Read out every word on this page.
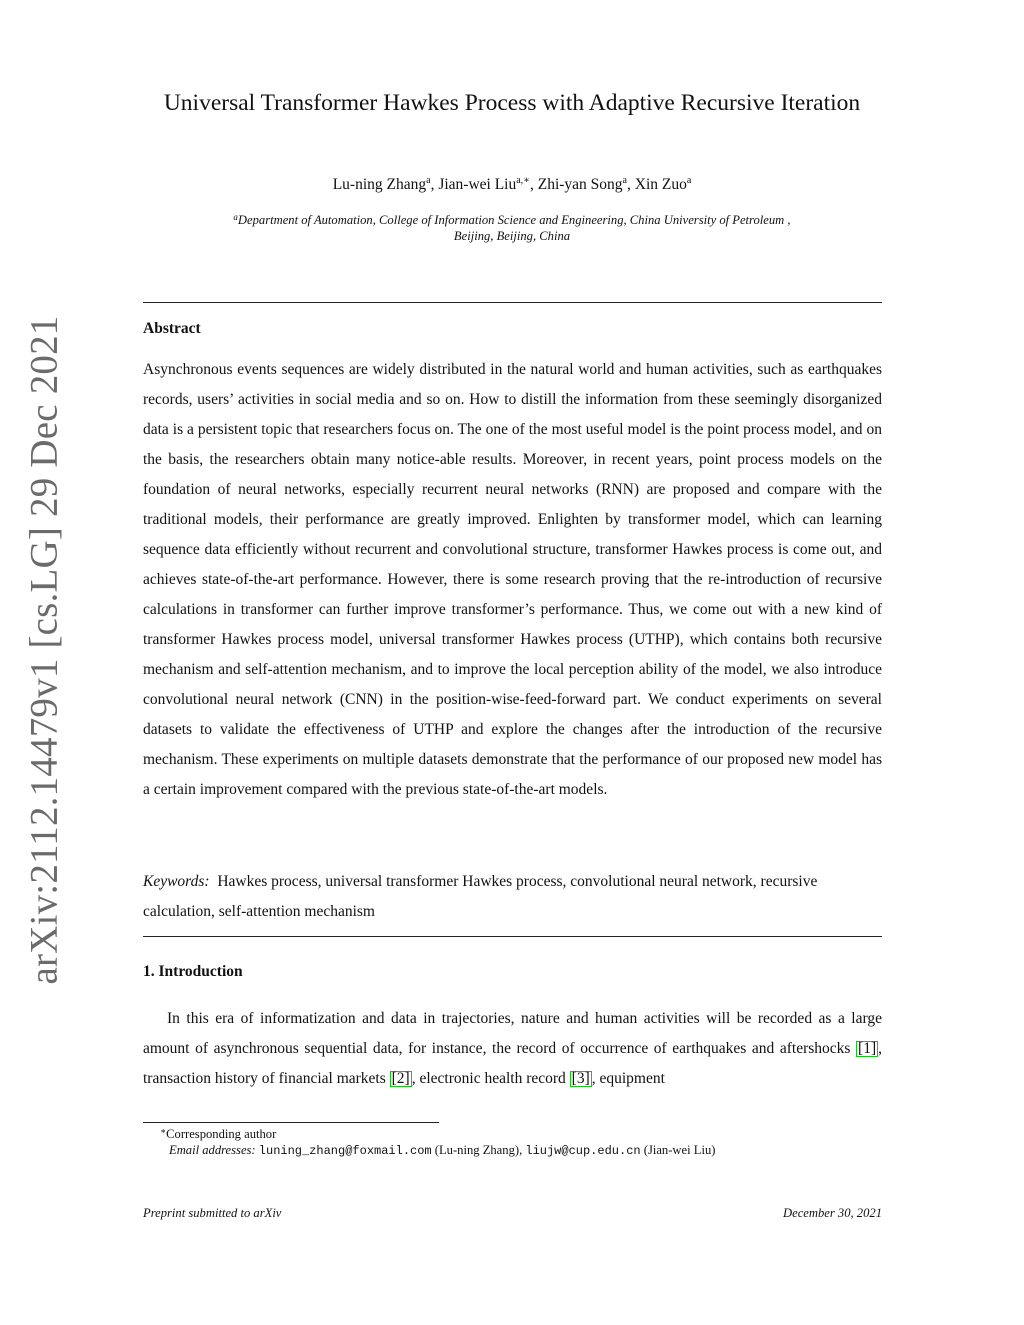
arXiv:2112.14479v1 [cs.LG] 29 Dec 2021
Universal Transformer Hawkes Process with Adaptive Recursive Iteration
Lu-ning Zhang$^a$, Jian-wei Liu$^{a,∗}$, Zhi-yan Song$^a$, Xin Zuo$^a$
$^a$Department of Automation, College of Information Science and Engineering, China University of Petroleum ,
Beijing, Beijing, China
Abstract

Asynchronous events sequences are widely distributed in the natural world and human activities, such as earthquakes records, users’ activities in social media and so on. How to distill the information from these seemingly disorganized data is a persistent topic that researchers focus on. The one of the most useful model is the point process model, and on the basis, the researchers obtain many notice-able results. Moreover, in recent years, point process models on the foundation of neural networks, especially recurrent neural networks (RNN) are proposed and compare with the traditional models, their performance are greatly improved. Enlighten by transformer model, which can learning sequence data efficiently without recurrent and convolutional structure, transformer Hawkes process is come out, and achieves state-of-the-art performance. However, there is some research proving that the re-introduction of recursive calculations in transformer can further improve transformer’s performance. Thus, we come out with a new kind of transformer Hawkes process model, universal transformer Hawkes process (UTHP), which contains both recursive mechanism and self-attention mechanism, and to improve the local perception ability of the model, we also introduce convolutional neural network (CNN) in the position-wise-feed-forward part. We conduct experiments on several datasets to validate the effectiveness of UTHP and explore the changes after the introduction of the recursive mechanism. These experiments on multiple datasets demonstrate that the performance of our proposed new model has a certain improvement compared with the previous state-of-the-art models.

Keywords: Hawkes process, universal transformer Hawkes process, convolutional neural network, recursive calculation, self-attention mechanism

1. Introduction

In this era of informatization and data in trajectories, nature and human activities will be recorded as a large amount of asynchronous sequential data, for instance, the record of occurrence of earthquakes and aftershocks [1] , transaction history of financial markets [2] , electronic health record [3] , equipment

∗Corresponding author
Email addresses: luning_zhang@foxmail.com (Lu-ning Zhang), liujw@cup.edu.cn (Jian-wei Liu)
Preprint submitted to arXiv	December 30, 2021
